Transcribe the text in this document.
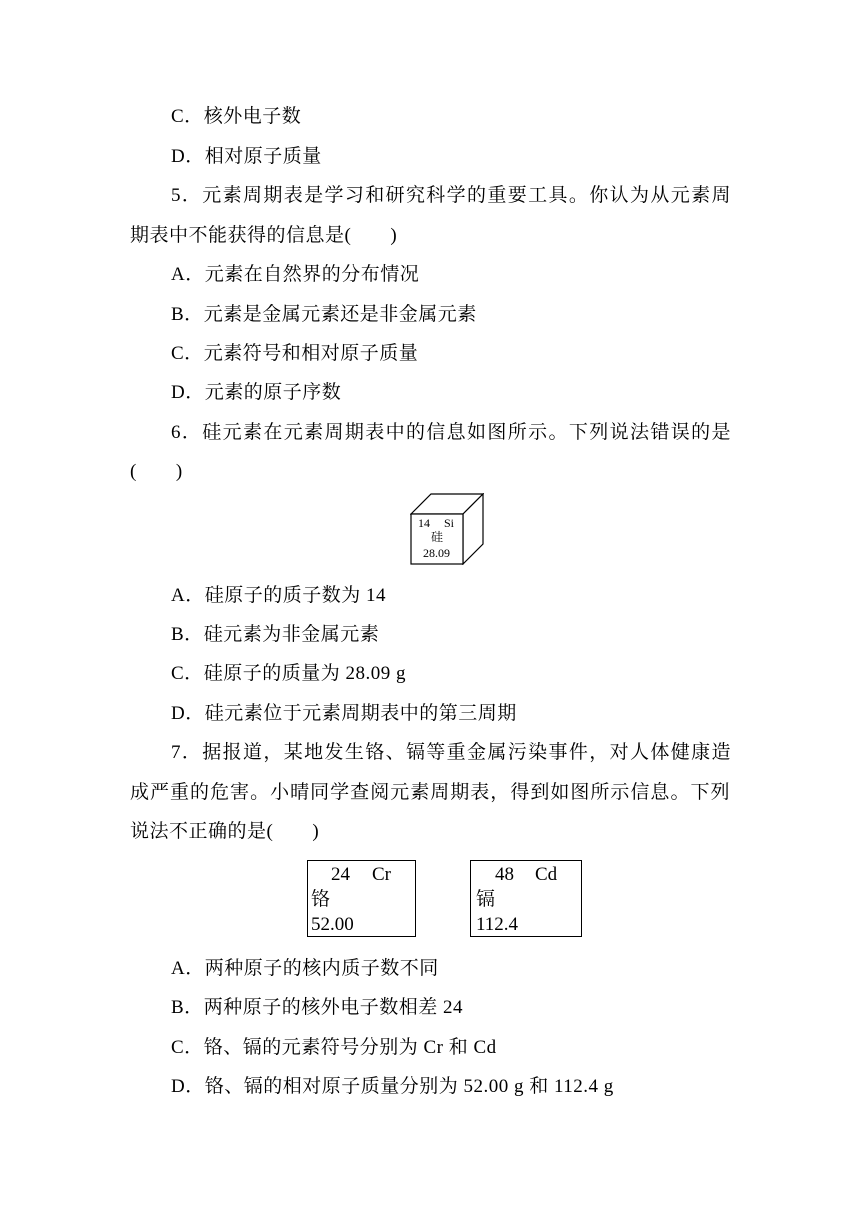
C．核外电子数
D．相对原子质量
5．元素周期表是学习和研究科学的重要工具。你认为从元素周
期表中不能获得的信息是(　　)
A．元素在自然界的分布情况
B．元素是金属元素还是非金属元素
C．元素符号和相对原子质量
D．元素的原子序数
6．硅元素在元素周期表中的信息如图所示。下列说法错误的是
(　　)
14 Si
硅
28.09
A．硅原子的质子数为 14
B．硅元素为非金属元素
C．硅原子的质量为 28.09 g
D．硅元素位于元素周期表中的第三周期
7．据报道，某地发生铬、镉等重金属污染事件，对人体健康造
成严重的危害。小晴同学查阅元素周期表，得到如图所示信息。下列
说法不正确的是(　　)
24 Cr
铬
52.00
48 Cd
镉
112.4
A．两种原子的核内质子数不同
B．两种原子的核外电子数相差 24
C．铬、镉的元素符号分别为 Cr 和 Cd
D．铬、镉的相对原子质量分别为 52.00 g 和 112.4 g
